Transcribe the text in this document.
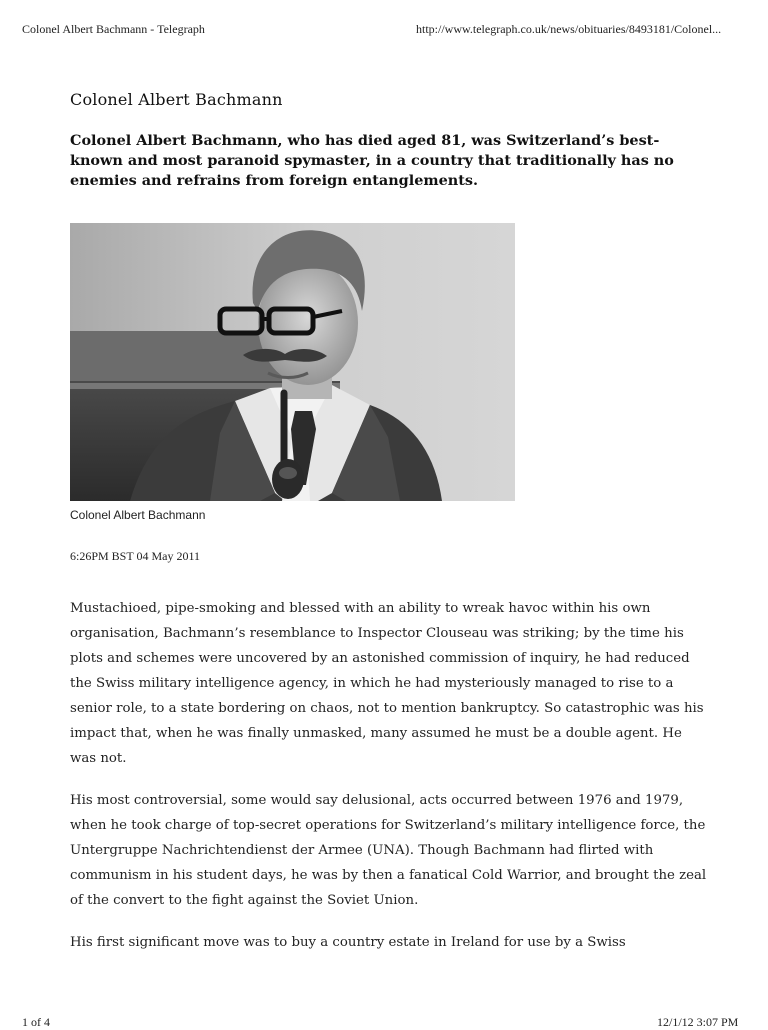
Colonel Albert Bachmann - Telegraph	http://www.telegraph.co.uk/news/obituaries/8493181/Colonel...
Colonel Albert Bachmann

Colonel Albert Bachmann, who has died aged 81, was Switzerland’s best-known and most paranoid spymaster, in a country that traditionally has no enemies and refrains from foreign entanglements.

Colonel Albert Bachmann

6:26PM BST 04 May 2011

Mustachioed, pipe-smoking and blessed with an ability to wreak havoc within his own organisation, Bachmann’s resemblance to Inspector Clouseau was striking; by the time his plots and schemes were uncovered by an astonished commission of inquiry, he had reduced the Swiss military intelligence agency, in which he had mysteriously managed to rise to a senior role, to a state bordering on chaos, not to mention bankruptcy. So catastrophic was his impact that, when he was finally unmasked, many assumed he must be a double agent. He was not.

His most controversial, some would say delusional, acts occurred between 1976 and 1979, when he took charge of top-secret operations for Switzerland’s military intelligence force, the Untergruppe Nachrichtendienst der Armee (UNA). Though Bachmann had flirted with communism in his student days, he was by then a fanatical Cold Warrior, and brought the zeal of the convert to the fight against the Soviet Union.

His first significant move was to buy a country estate in Ireland for use by a Swiss

1 of 4	12/1/12 3:07 PM
